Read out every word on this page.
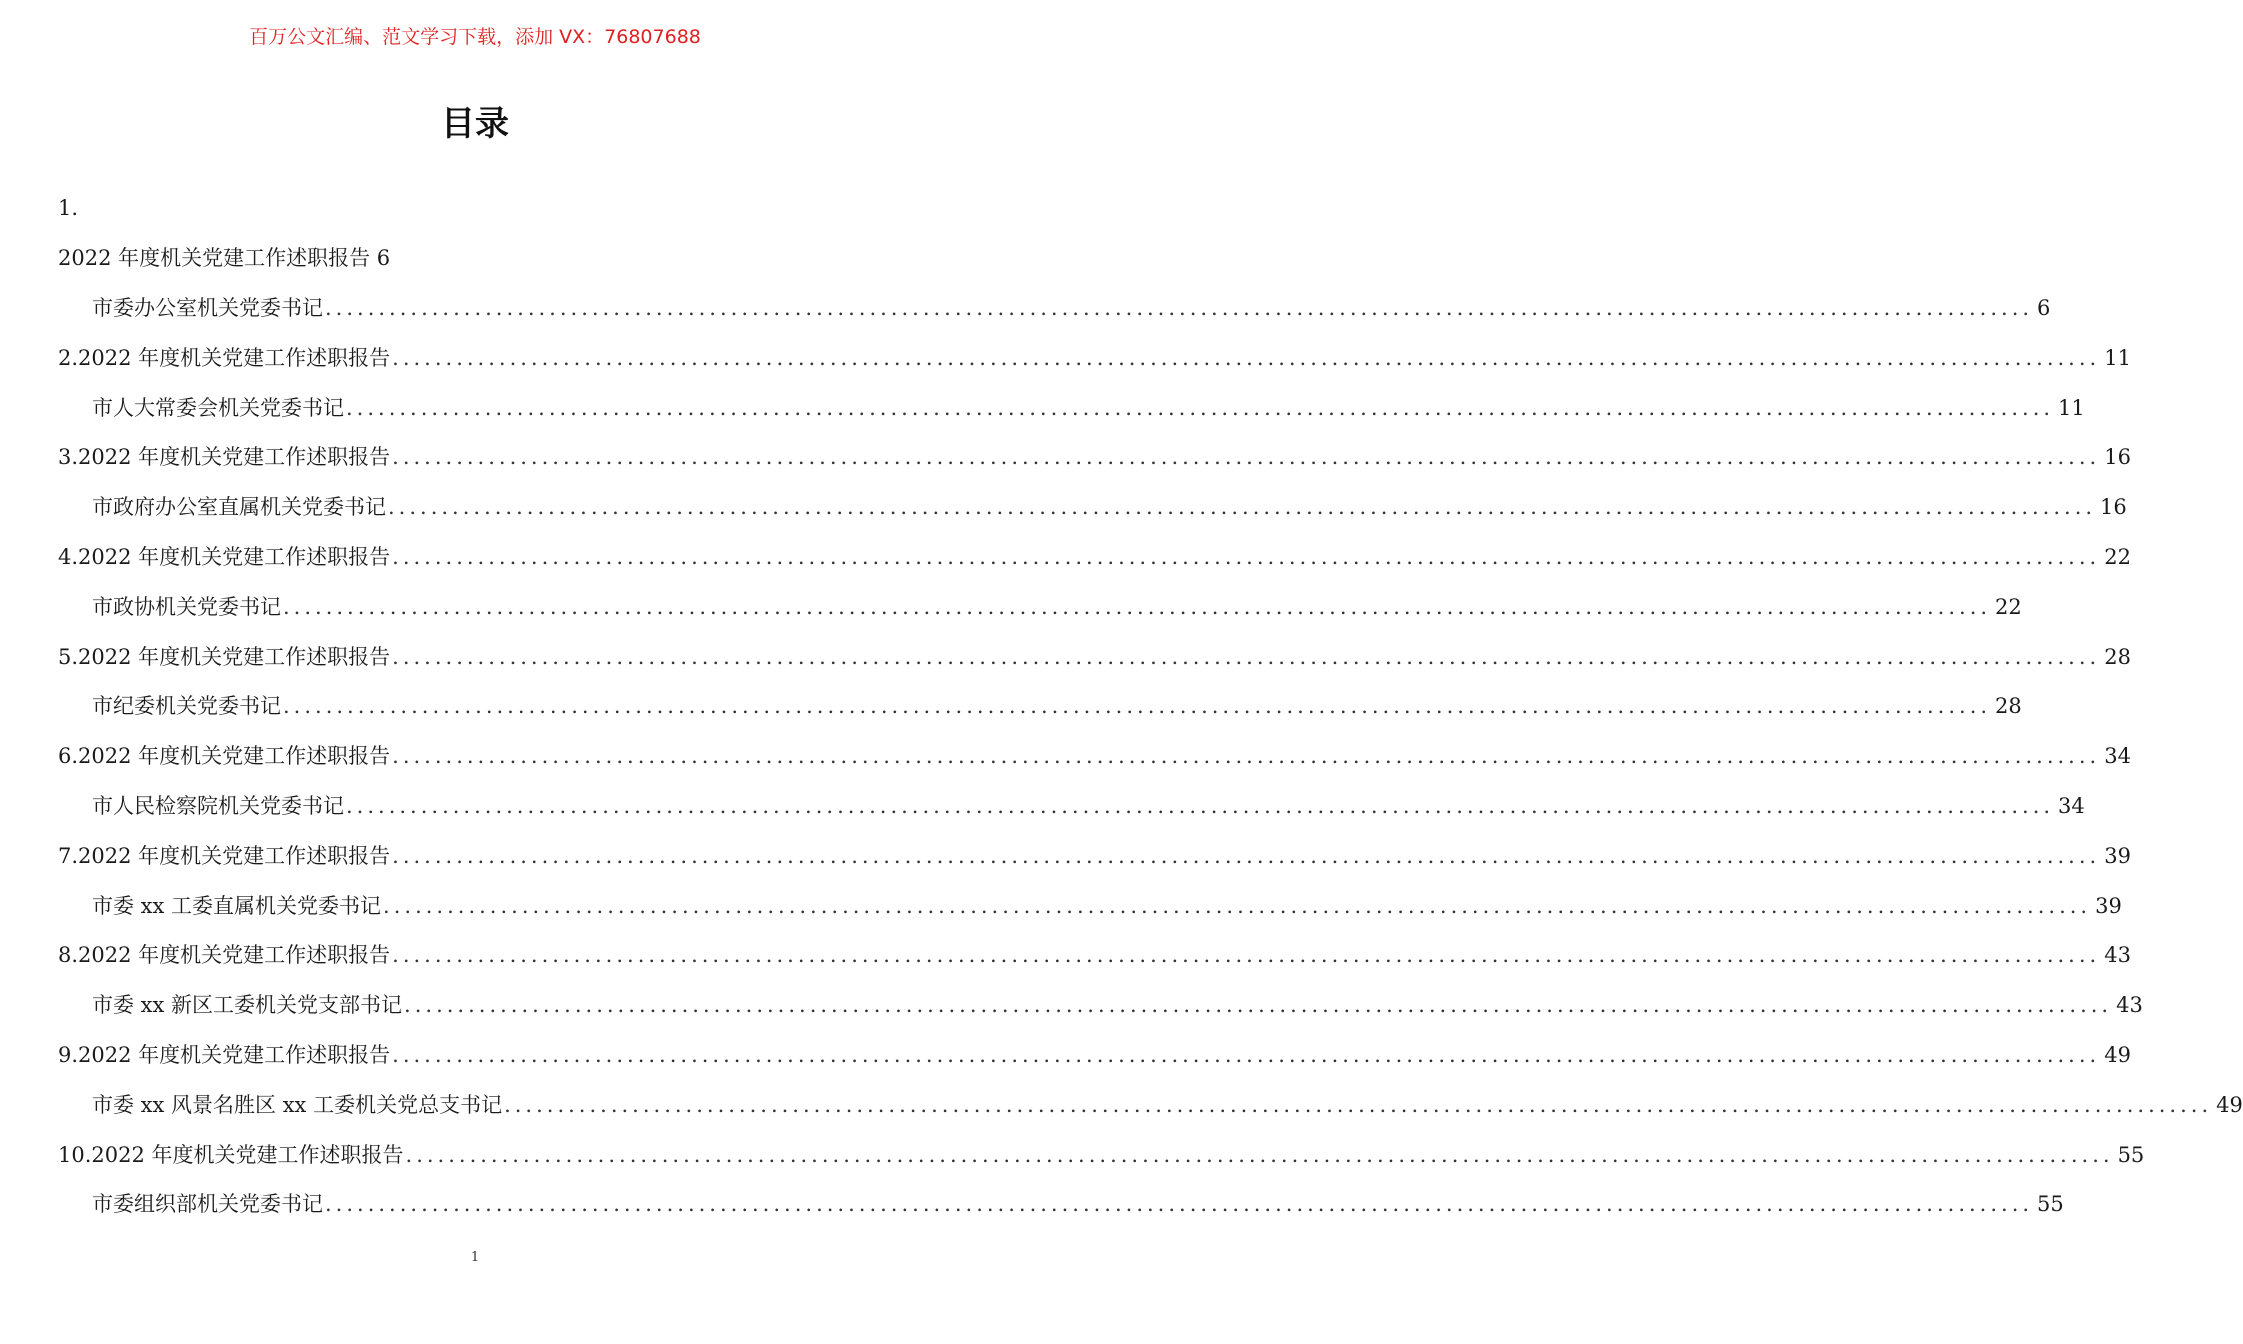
百万公文汇编、范文学习下载，添加 VX：76807688
目录
1.
2022 年度机关党建工作述职报告 6
市委办公室机关党委书记 ................................................................................................................................................................ 6
2.2022 年度机关党建工作述职报告 ................................................................................................................................................................ 11
市人大常委会机关党委书记 ................................................................................................................................................................ 11
3.2022 年度机关党建工作述职报告 ................................................................................................................................................................ 16
市政府办公室直属机关党委书记 ................................................................................................................................................................ 16
4.2022 年度机关党建工作述职报告 ................................................................................................................................................................ 22
市政协机关党委书记 ................................................................................................................................................................ 22
5.2022 年度机关党建工作述职报告 ................................................................................................................................................................ 28
市纪委机关党委书记 ................................................................................................................................................................ 28
6.2022 年度机关党建工作述职报告 ................................................................................................................................................................ 34
市人民检察院机关党委书记 ................................................................................................................................................................ 34
7.2022 年度机关党建工作述职报告 ................................................................................................................................................................ 39
市委 xx 工委直属机关党委书记 ................................................................................................................................................................ 39
8.2022 年度机关党建工作述职报告 ................................................................................................................................................................ 43
市委 xx 新区工委机关党支部书记 ................................................................................................................................................................ 43
9.2022 年度机关党建工作述职报告 ................................................................................................................................................................ 49
市委 xx 风景名胜区 xx 工委机关党总支书记 ................................................................................................................................................................ 49
10.2022 年度机关党建工作述职报告 ................................................................................................................................................................ 55
市委组织部机关党委书记 ................................................................................................................................................................ 55
1
